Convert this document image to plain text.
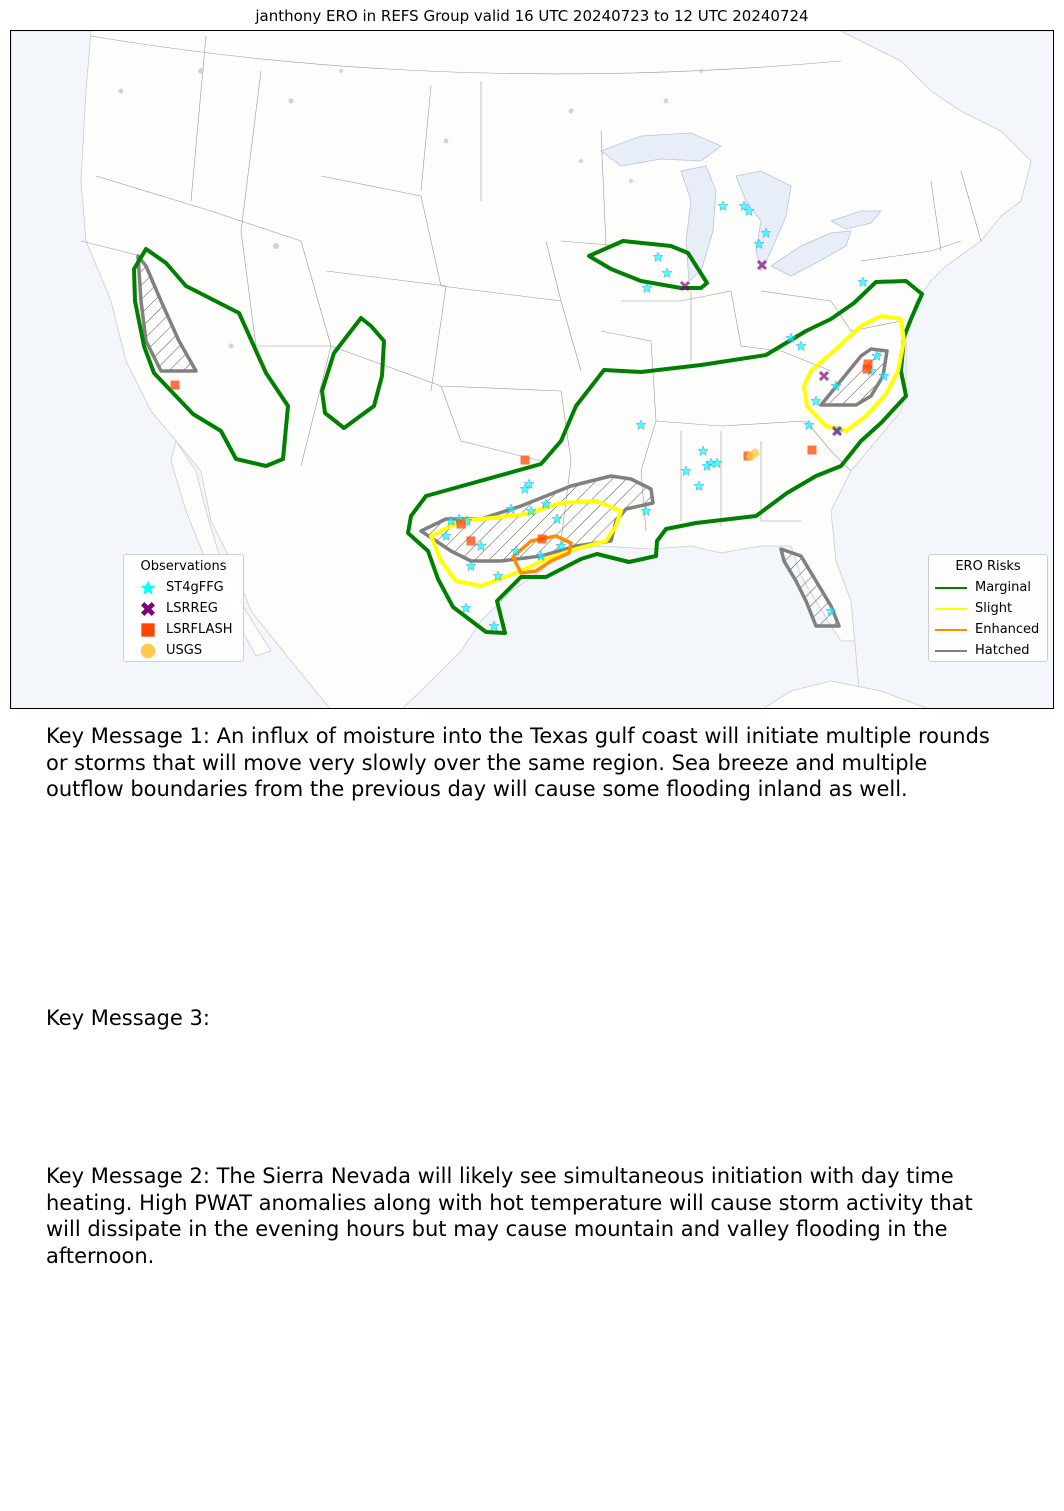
janthony ERO in REFS Group valid 16 UTC 20240723 to 12 UTC 20240724
Observations
ST4gFFG
LSRREG
LSRFLASH
USGS
ERO Risks
Marginal
Slight
Enhanced
Hatched
Key Message 1: An influx of moisture into the Texas gulf coast will initiate multiple rounds or storms that will move very slowly over the same region. Sea breeze and multiple outflow boundaries from the previous day will cause some flooding inland as well.
Key Message 3:
Key Message 2: The Sierra Nevada will likely see simultaneous initiation with day time heating. High PWAT anomalies along with hot temperature will cause storm activity that will dissipate in the evening hours but may cause mountain and valley flooding in the afternoon.
